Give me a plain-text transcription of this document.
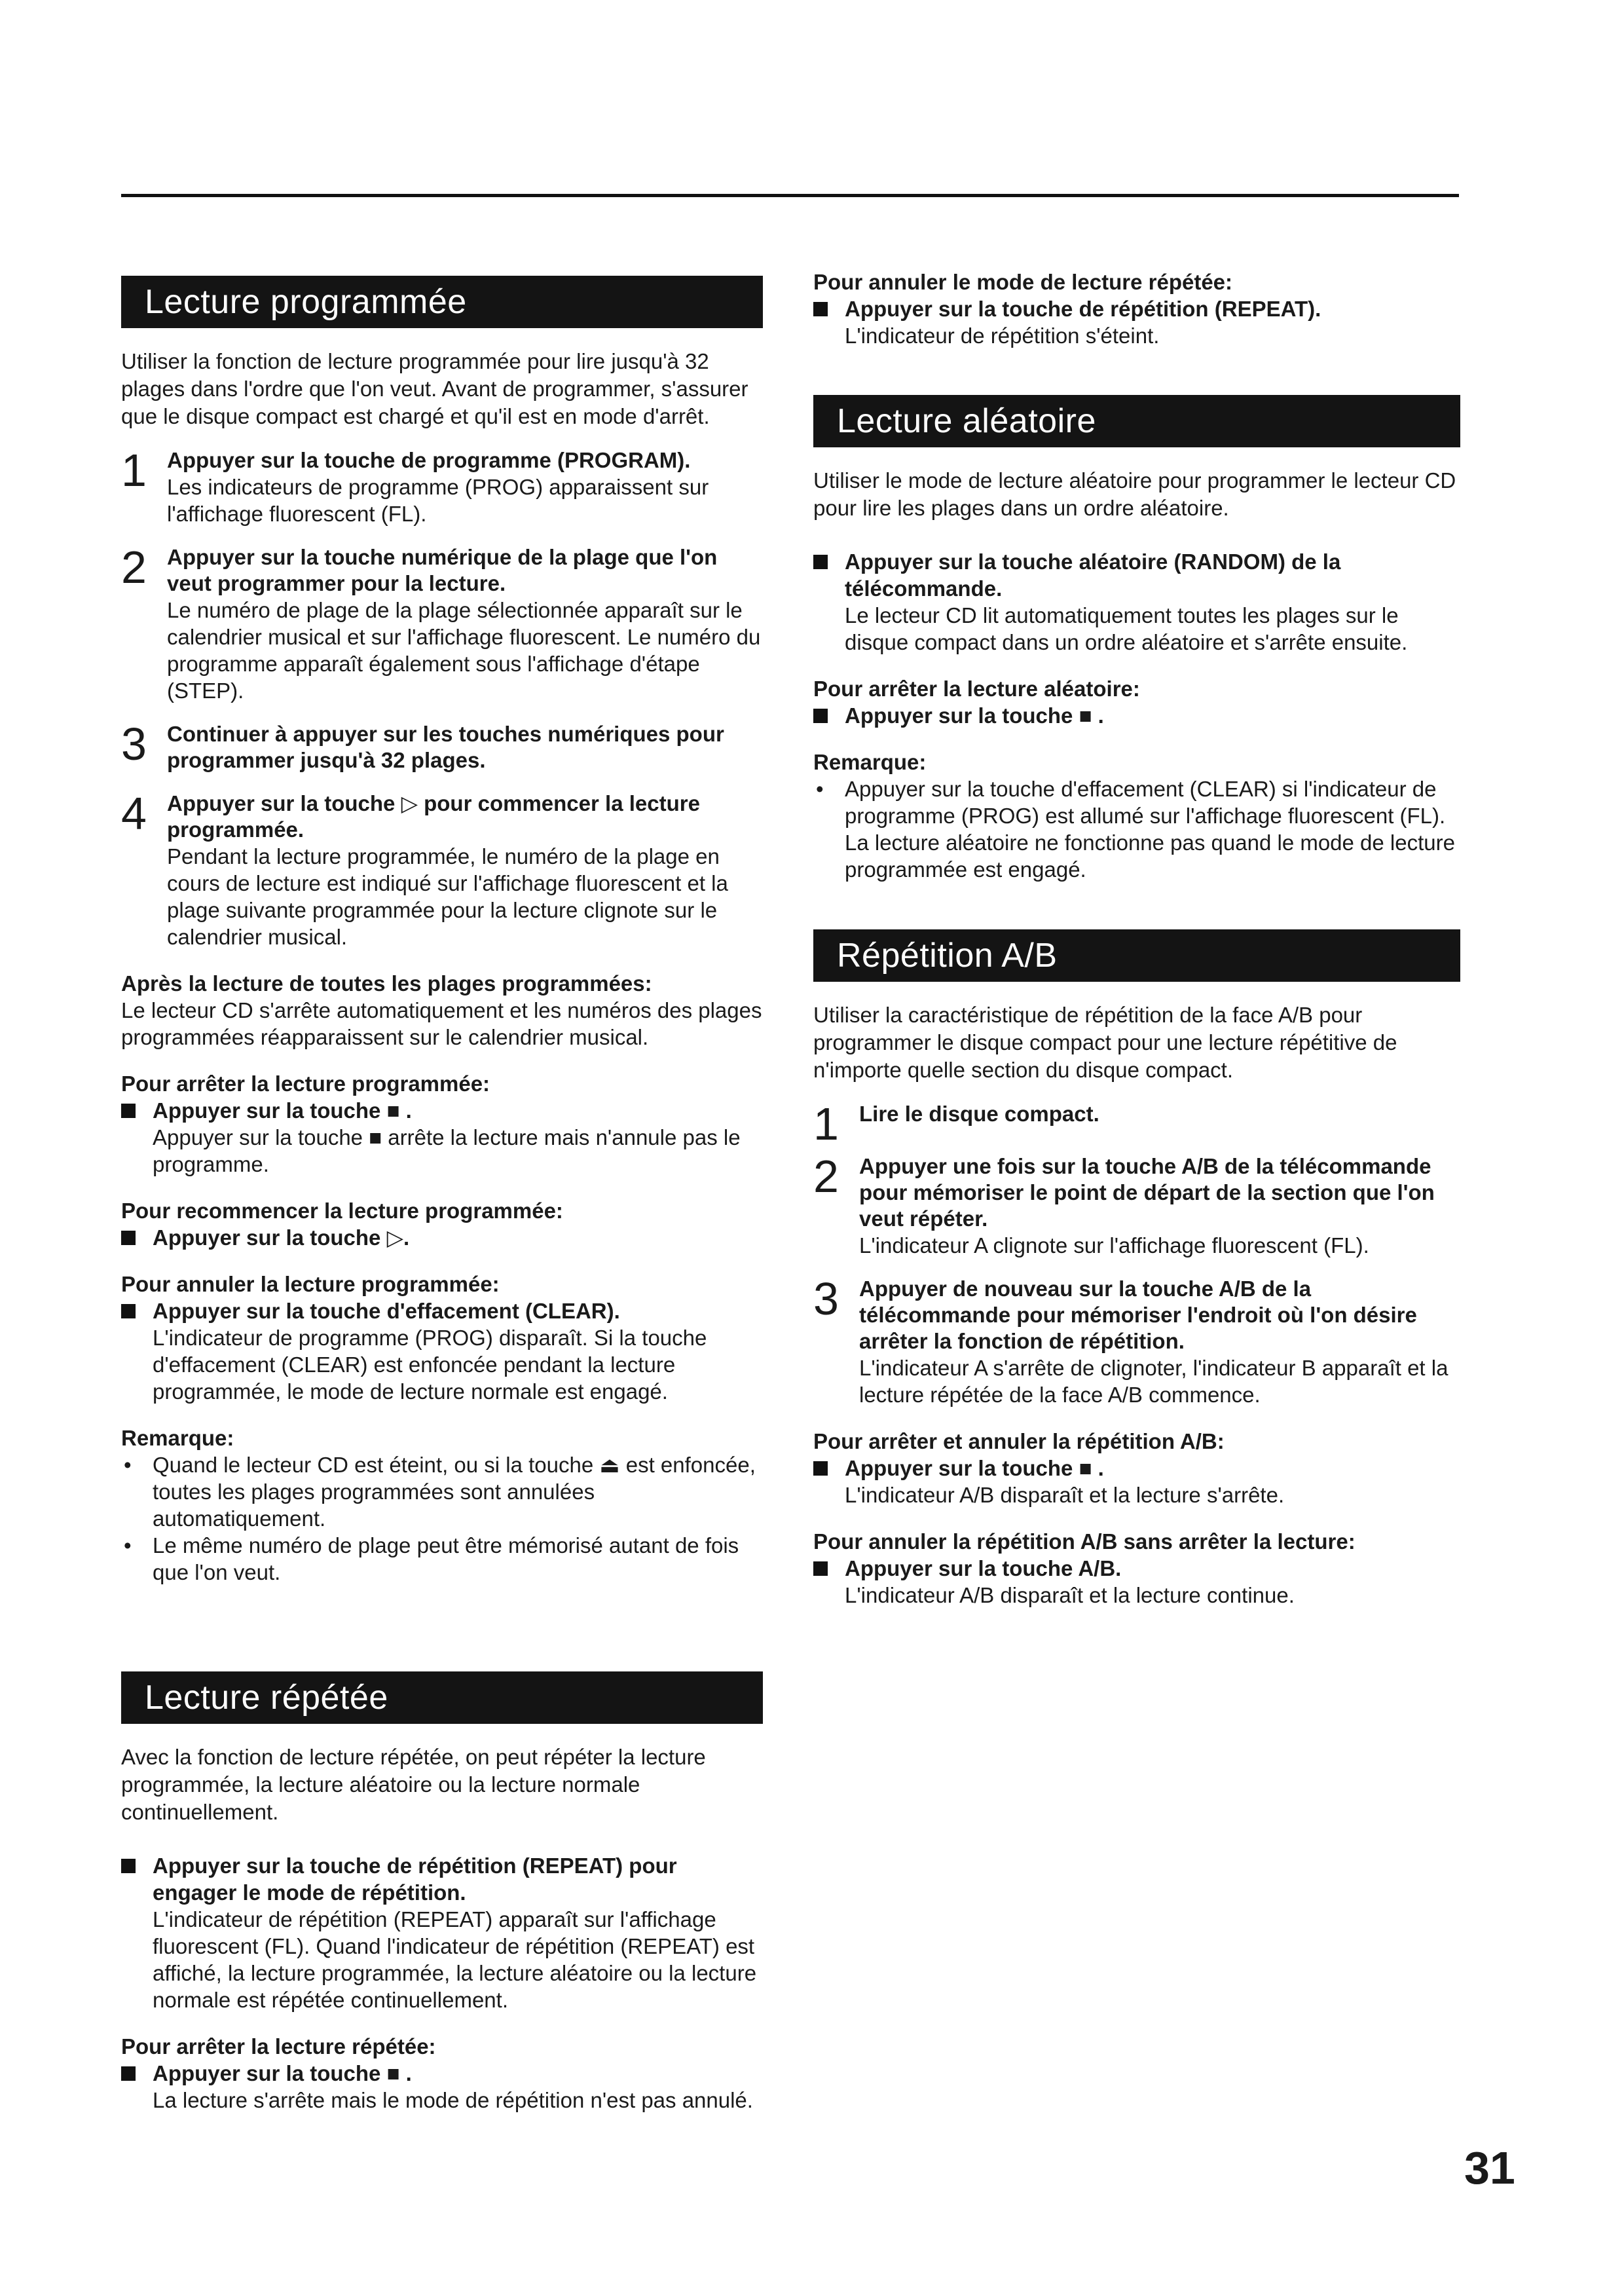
Lecture programmée
Utiliser la fonction de lecture programmée pour lire jusqu'à 32 plages dans l'ordre que l'on veut. Avant de programmer, s'assurer que le disque compact est chargé et qu'il est en mode d'arrêt.
1 Appuyer sur la touche de programme (PROGRAM).
Les indicateurs de programme (PROG) apparaissent sur l'affichage fluorescent (FL).
2 Appuyer sur la touche numérique de la plage que l'on veut programmer pour la lecture.
Le numéro de plage de la plage sélectionnée apparaît sur le calendrier musical et sur l'affichage fluorescent. Le numéro du programme apparaît également sous l'affichage d'étape (STEP).
3 Continuer à appuyer sur les touches numériques pour programmer jusqu'à 32 plages.
4 Appuyer sur la touche ▷ pour commencer la lecture programmée.
Pendant la lecture programmée, le numéro de la plage en cours de lecture est indiqué sur l'affichage fluorescent et la plage suivante programmée pour la lecture clignote sur le calendrier musical.
Après la lecture de toutes les plages programmées:
Le lecteur CD s'arrête automatiquement et les numéros des plages programmées réapparaissent sur le calendrier musical.
Pour arrêter la lecture programmée:
Appuyer sur la touche ■ .
Appuyer sur la touche ■ arrête la lecture mais n'annule pas le programme.
Pour recommencer la lecture programmée:
Appuyer sur la touche ▷.
Pour annuler la lecture programmée:
Appuyer sur la touche d'effacement (CLEAR).
L'indicateur de programme (PROG) disparaît. Si la touche d'effacement (CLEAR) est enfoncée pendant la lecture programmée, le mode de lecture normale est engagé.
Remarque:
• Quand le lecteur CD est éteint, ou si la touche ⏏ est enfoncée, toutes les plages programmées sont annulées automatiquement.
• Le même numéro de plage peut être mémorisé autant de fois que l'on veut.
Lecture répétée
Avec la fonction de lecture répétée, on peut répéter la lecture programmée, la lecture aléatoire ou la lecture normale continuellement.
Appuyer sur la touche de répétition (REPEAT) pour engager le mode de répétition.
L'indicateur de répétition (REPEAT) apparaît sur l'affichage fluorescent (FL). Quand l'indicateur de répétition (REPEAT) est affiché, la lecture programmée, la lecture aléatoire ou la lecture normale est répétée continuellement.
Pour arrêter la lecture répétée:
Appuyer sur la touche ■ .
La lecture s'arrête mais le mode de répétition n'est pas annulé.
Pour annuler le mode de lecture répétée:
Appuyer sur la touche de répétition (REPEAT).
L'indicateur de répétition s'éteint.
Lecture aléatoire
Utiliser le mode de lecture aléatoire pour programmer le lecteur CD pour lire les plages dans un ordre aléatoire.
Appuyer sur la touche aléatoire (RANDOM) de la télécommande.
Le lecteur CD lit automatiquement toutes les plages sur le disque compact dans un ordre aléatoire et s'arrête ensuite.
Pour arrêter la lecture aléatoire:
Appuyer sur la touche ■ .
Remarque:
• Appuyer sur la touche d'effacement (CLEAR) si l'indicateur de programme (PROG) est allumé sur l'affichage fluorescent (FL). La lecture aléatoire ne fonctionne pas quand le mode de lecture programmée est engagé.
Répétition A/B
Utiliser la caractéristique de répétition de la face A/B pour programmer le disque compact pour une lecture répétitive de n'importe quelle section du disque compact.
1 Lire le disque compact.
2 Appuyer une fois sur la touche A/B de la télécommande pour mémoriser le point de départ de la section que l'on veut répéter.
L'indicateur A clignote sur l'affichage fluorescent (FL).
3 Appuyer de nouveau sur la touche A/B de la télécommande pour mémoriser l'endroit où l'on désire arrêter la fonction de répétition.
L'indicateur A s'arrête de clignoter, l'indicateur B apparaît et la lecture répétée de la face A/B commence.
Pour arrêter et annuler la répétition A/B:
Appuyer sur la touche ■ .
L'indicateur A/B disparaît et la lecture s'arrête.
Pour annuler la répétition A/B sans arrêter la lecture:
Appuyer sur la touche A/B.
L'indicateur A/B disparaît et la lecture continue.
31
